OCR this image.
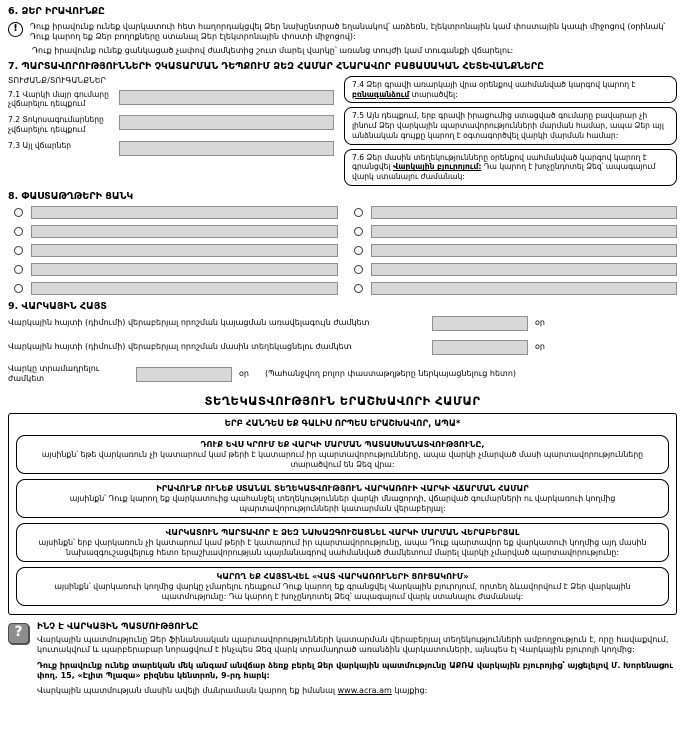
6. ՁԵՐ ԻՐԱՎՈՒՆՔԸ
!	Դուք իրավունք ունեք վարկատուի հետ հաղորդակցվել Ձեր նախընտրած եղանակով՝ առձեռն, էլեկտրոնային կամ փոստային կապի միջոցով (օրինակ՝ Դուք կարող եք Ձեր բողոքները ստանալ Ձեր էլեկտրոնային փոստի միջոցով):
Դուք իրավունք ունեք ցանկացած չափով ժամկետից շուտ մարել վարկը՝ առանց տույժի կամ տուգանքի վճարելու:
7. ՊԱՐՏԱՎՈՐՈՒԹՅՈՒՆՆԵՐԻ ՉԿԱՏԱՐՄԱՆ ԴԵՊՔՈՒՄ ՁԵԶ ՀԱՄԱՐ ՀՆԱՐԱՎՈՐ ԲԱՑԱՍԱԿԱՆ ՀԵՏԵՎԱՆՔՆԵՐԸ
ՏՈՒԺԱՆՔ/ՏՈՒԳԱՆՔՆԵՐ
7.1 Վարկի մայր գումարը չվճարելու դեպքում
7.2 Տոկոսագումարները չվճարելու դեպքում
7.3 Այլ վճարներ
7.4 Ձեր գրավի առարկայի վրա օրենքով սահմանված կարգով կարող է բռնագանձում տարածվել:
7.5 Այն դեպքում, երբ գրավի իրացումից ստացված գումարը բավարար չի լինում Ձեր վարկային պարտավորությունների մարման համար, ապա Ձեր այլ անձնական գույքը կարող է օգտագործվել վարկի մարման համար:
7.6 Ձեր մասին տեղեկությունները օրենքով սահմանված կարգով կարող է գրանցվել Վարկային բյուրոյում: Դա կարող է խոչընդոտել Ձեզ՝ ապագայում վարկ ստանալու ժամանակ:
8. ՓԱՍՏԱԹՂԹԵՐԻ ՑԱՆԿ
9. ՎԱՐԿԱՅԻՆ ՀԱՅՏ
Վարկային հայտի (դիմումի) վերաբերյալ որոշման կայացման առավելագույն ժամկետ	օր
Վարկային հայտի (դիմումի) վերաբերյալ որոշման մասին տեղեկացնելու ժամկետ	օր
Վարկը տրամադրելու ժամկետ
օր (Պահանջվող բոլոր փաստաթղթերը ներկայացնելուց հետո)
ՏԵՂԵԿԱՏՎՈՒԹՅՈՒՆ ԵՐԱՇԽԱՎՈՐԻ ՀԱՄԱՐ
ԵՐԲ ՀԱՆԴԵՍ ԵՔ ԳԱԼԻՍ ՈՐՊԵՍ ԵՐԱՇԽԱՎՈՐ, ԱՊԱ*
ԴՈՒՔ ԵՎՍ ԿՐՈՒՄ ԵՔ ՎԱՐԿԻ ՄԱՐՄԱՆ ՊԱՏԱՍԽԱՆԱՏՎՈՒԹՅՈՒՆԸ,
այսինքն՝ եթե վարկառուն չի կատարում կամ թերի է կատարում իր պարտավորությունները, ապա վարկի չմարված մասի պարտավորությունները տարածվում են Ձեզ վրա:
ԻՐԱՎՈՒՆՔ ՈՒՆԵՔ ՍՏԱՆԱԼ ՏԵՂԵԿԱՏՎՈՒԹՅՈՒՆ ՎԱՐԿԱՌՈՒԻ ՎԱՐԿԻ ՎՃԱՐՄԱՆ ՀԱՄԱՐ
այսինքն՝ Դուք կարող եք վարկատուից պահանջել տեղեկություններ վարկի մնացորդի, վճարված գումարների ու վարկառուի կողմից պարտավորությունների կատարման վերաբերյալ:
ՎԱՐԿԱՏՈՒՆ ՊԱՐՏԱՎՈՐ Է ՁԵԶ ՆԱԽԱԶԳՈՒՇԱՑՆԵԼ ՎԱՐԿԻ ՄԱՐՄԱՆ ՎԵՐԱԲԵՐՅԱԼ
այսինքն՝ երբ վարկառուն չի կատարում կամ թերի է կատարում իր պարտավորությունը, ապա Դուք պարտավոր եք վարկատուի կողմից այդ մասին նախազգուշացվելուց հետո երաշխավորության պայմանագրով սահմանված ժամկետում մարել վարկի չմարված պարտավորությունը:
ԿԱՐՈՂ ԵՔ ՀԱՅՏՆՎԵԼ «ՎԱՏ ՎԱՐԿԱՌՈՒՆԵՐԻ ՑՈՒՑԱԿՈՒՄ»
այսինքն՝ վարկառուի կողմից վարկը չմարելու դեպքում Դուք կարող եք գրանցվել Վարկային բյուրոյում, որտեղ ձևավորվում է Ձեր վարկային պատմությունը: Դա կարող է խոչընդոտել Ձեզ՝ ապագայում վարկ ստանալու ժամանակ:
?	ԻՆՉ Է ՎԱՐԿԱՅԻՆ ՊԱՏՄՈՒԹՅՈՒՆԸ
Վարկային պատմությունը Ձեր ֆինանսական պարտավորությունների կատարման վերաբերյալ տեղեկությունների ամբողջություն է, որը հավաքվում, կուտակվում և պարբերաբար նորացվում է ինչպես Ձեզ վարկ տրամադրած առանձին վարկատուների, այնպես էլ Վարկային բյուրոյի կողմից:
Դուք իրավունք ունեք տարեկան մեկ անգամ անվճար ձեռք բերել Ձեր վարկային պատմությունը ԱՔՌԱ վարկային բյուրոյից՝ այցելելով Մ. Խորենացու փող. 15, «Էլիտ Պլազա» բիզնես կենտրոն, 9-րդ հարկ:
Վարկային պատմության մասին ավելի մանրամասն կարող եք իմանալ www.acra.am կայքից:
